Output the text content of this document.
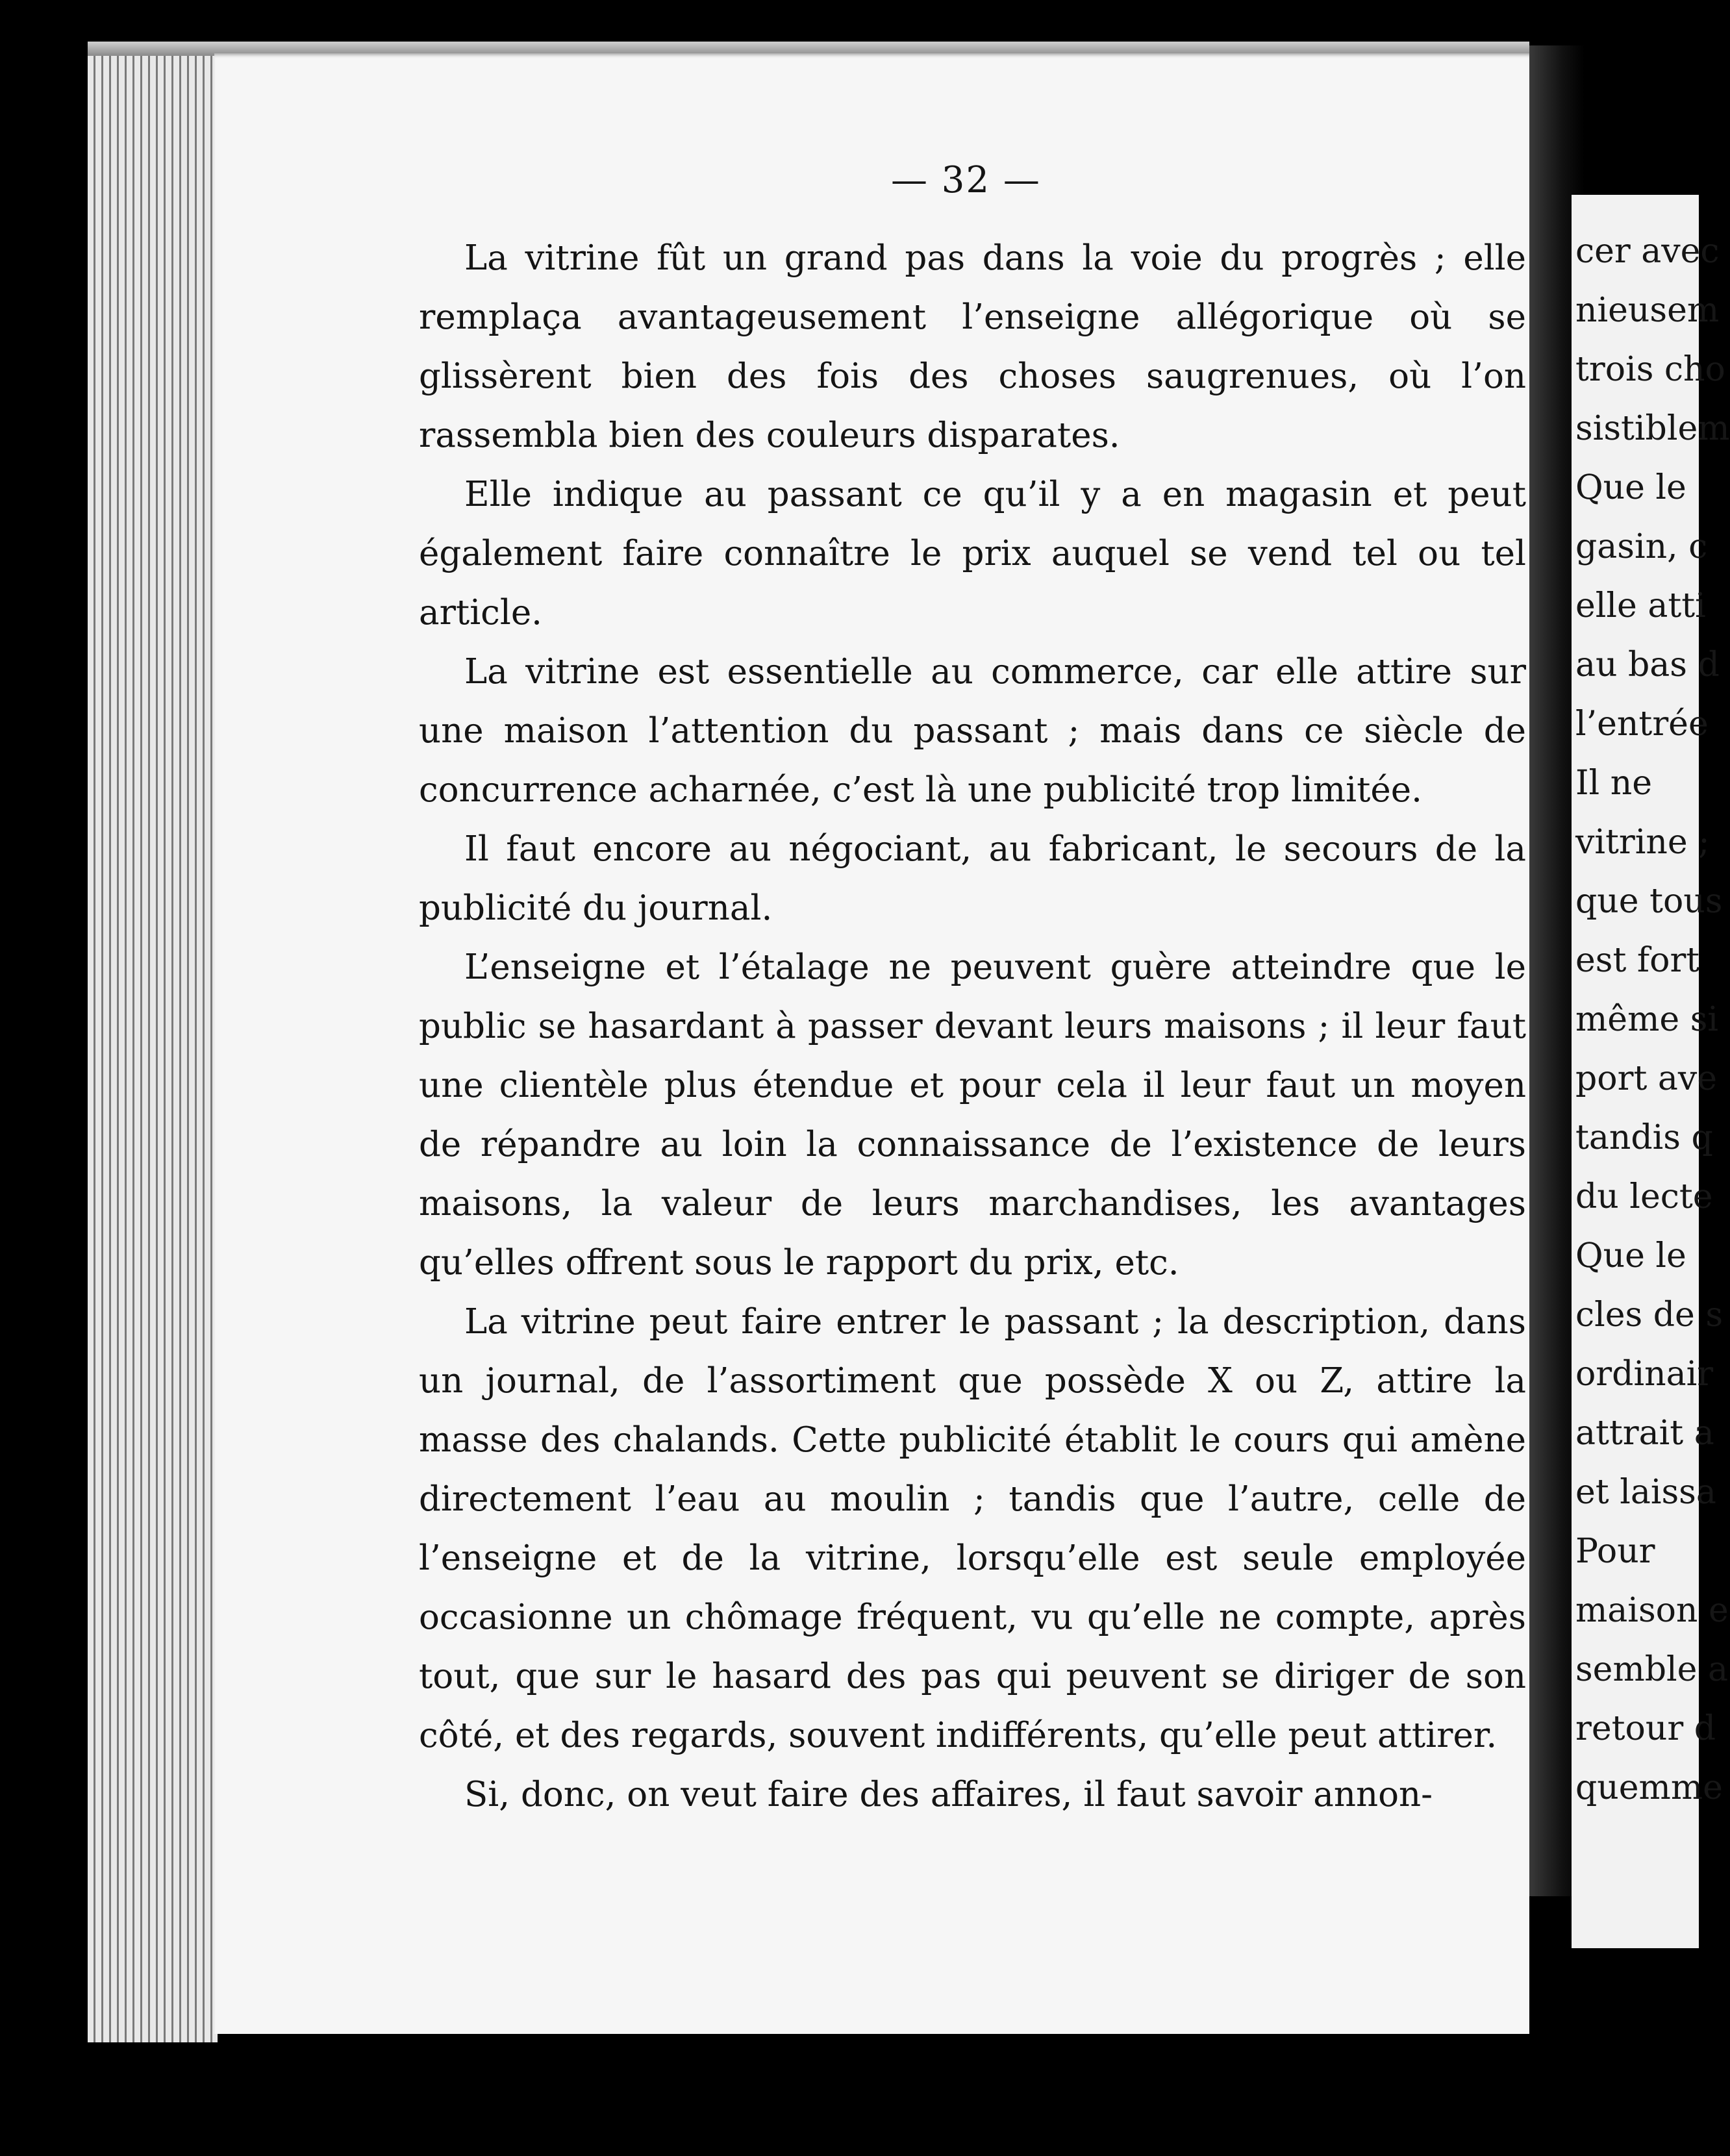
— 32 —

La vitrine fût un grand pas dans la voie du progrès ; elle remplaça avantageusement l’enseigne allégorique où se glissèrent bien des fois des choses saugrenues, où l’on rassembla bien des couleurs disparates.

Elle indique au passant ce qu’il y a en magasin et peut également faire connaître le prix auquel se vend tel ou tel article.

La vitrine est essentielle au commerce, car elle attire sur une maison l’attention du passant ; mais dans ce siècle de concurrence acharnée, c’est là une publicité trop limitée.

Il faut encore au négociant, au fabricant, le secours de la publicité du journal.

L’enseigne et l’étalage ne peuvent guère atteindre que le public se hasardant à passer devant leurs maisons ; il leur faut une clientèle plus étendue et pour cela il leur faut un moyen de répandre au loin la connaissance de l’existence de leurs maisons, la valeur de leurs marchandises, les avantages qu’elles offrent sous le rapport du prix, etc.

La vitrine peut faire entrer le passant ; la description, dans un journal, de l’assortiment que possède X ou Z, attire la masse des chalands. Cette publicité établit le cours qui amène directement l’eau au moulin ; tandis que l’autre, celle de l’enseigne et de la vitrine, lorsqu’elle est seule employée occasionne un chômage fréquent, vu qu’elle ne compte, après tout, que sur le hasard des pas qui peuvent se diriger de son côté, et des regards, souvent indifférents, qu’elle peut attirer.

Si, donc, on veut faire des affaires, il faut savoir annon-

cer avec
nieusem
trois cho
sistiblem
Que le
gasin, c
elle atti
au bas d
l’entrée
Il ne
vitrine ;
que tous
est fort
même si
port ave
tandis q
du lecte
Que le
cles de s
ordinair
attrait a
et laissa
Pour
maison e
semble a
retour d
quemme
